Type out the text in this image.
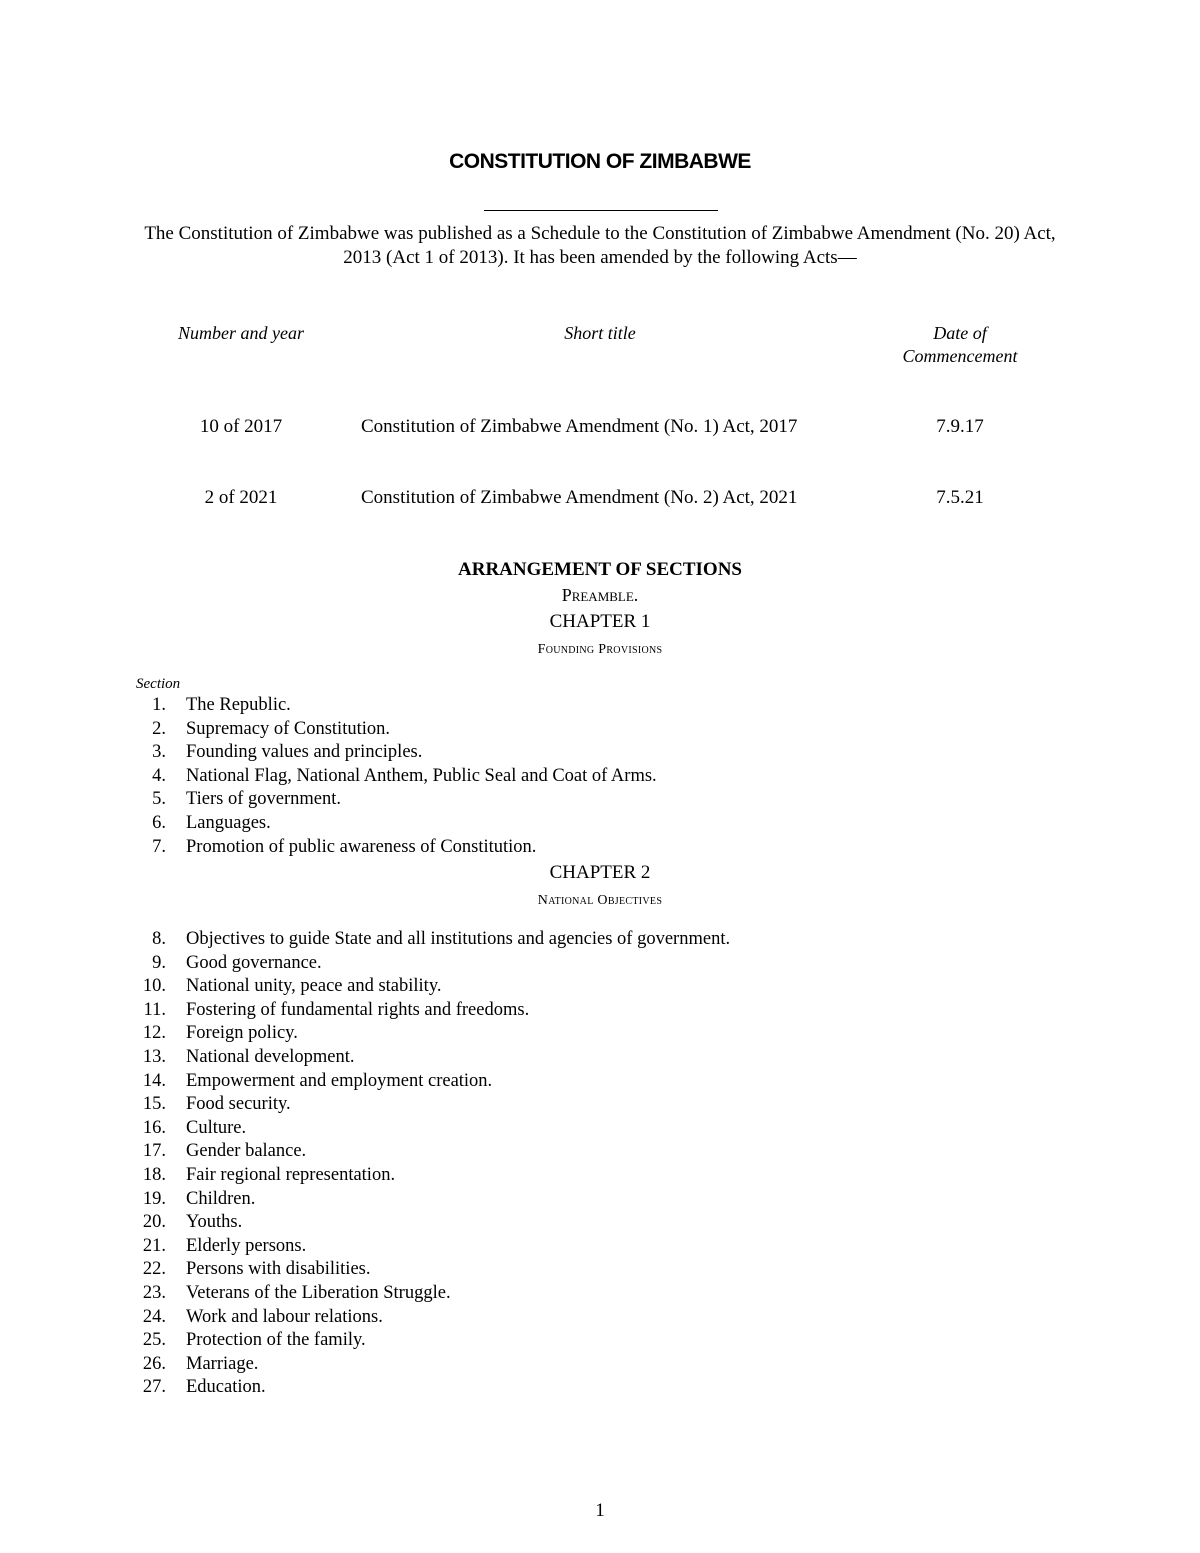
CONSTITUTION OF ZIMBABWE
The Constitution of Zimbabwe was published as a Schedule to the Constitution of Zimbabwe Amendment (No. 20) Act, 2013 (Act 1 of 2013). It has been amended by the following Acts—
Number and year	Short title	Date of
Commencement
10 of 2017	Constitution of Zimbabwe Amendment (No. 1) Act, 2017	7.9.17
2 of 2021	Constitution of Zimbabwe Amendment (No. 2) Act, 2021	7.5.21
ARRANGEMENT OF SECTIONS
Preamble.
CHAPTER 1
Founding Provisions
Section
1. The Republic.
2. Supremacy of Constitution.
3. Founding values and principles.
4. National Flag, National Anthem, Public Seal and Coat of Arms.
5. Tiers of government.
6. Languages.
7. Promotion of public awareness of Constitution.
CHAPTER 2
National Objectives
8. Objectives to guide State and all institutions and agencies of government.
9. Good governance.
10. National unity, peace and stability.
11. Fostering of fundamental rights and freedoms.
12. Foreign policy.
13. National development.
14. Empowerment and employment creation.
15. Food security.
16. Culture.
17. Gender balance.
18. Fair regional representation.
19. Children.
20. Youths.
21. Elderly persons.
22. Persons with disabilities.
23. Veterans of the Liberation Struggle.
24. Work and labour relations.
25. Protection of the family.
26. Marriage.
27. Education.
1
